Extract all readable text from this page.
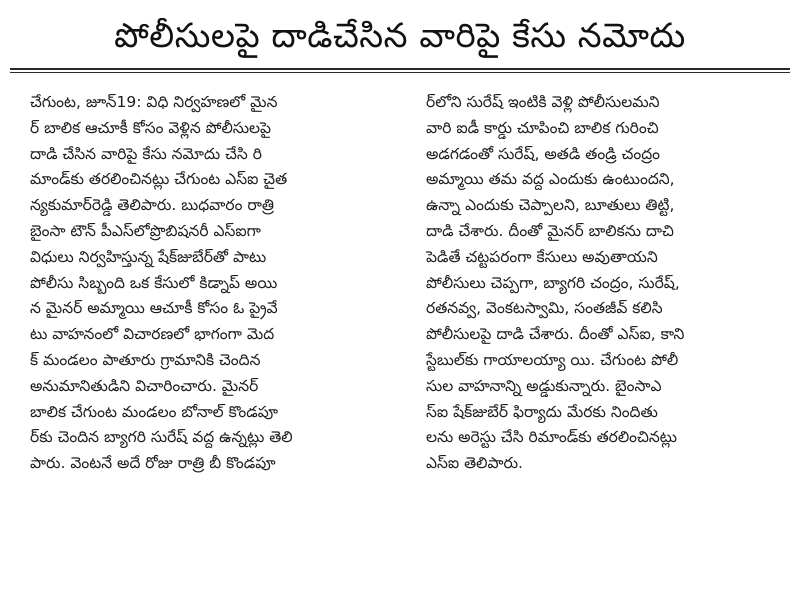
పోలీసులపై దాడిచేసిన వారిపై కేసు నమోదు
చేగుంట, జూన్19: విధి నిర్వహణలో మైన
ర్ బాలిక ఆచూకీ కోసం వెళ్లిన పోలీసులపై
దాడి చేసిన వారిపై కేసు నమోదు చేసి రి
మాండ్‌కు తరలించినట్లు చేగుంట ఎస్ఐ చైత
న్యకుమార్‌రెడ్డి తెలిపారు. బుధవారం రాత్రి
బైంసా టౌన్ పీఎస్‌లో‌ప్రొబిషనరీ ఎస్ఐగా
విధులు నిర్వహిస్తున్న షేక్‌జుబేర్‌తో పాటు
పోలీసు సిబ్బంది ఒక కేసులో కిడ్నాప్ అయి
న మైనర్ అమ్మాయి ఆచూకీ కోసం ఓ ప్రైవే
టు వాహనంలో విచారణలో భాగంగా మెద
క్ మండలం పాతూరు గ్రామానికి చెందిన
అనుమానితుడిని విచారించారు. మైనర్
బాలిక చేగుంట మండలం బోనాల్ కొండపూ
ర్‌కు చెందిన బ్యాగరి సురేష్ వద్ద ఉన్నట్లు తెలి
పారు. వెంటనే అదే రోజు రాత్రి బీ కొండపూ
ర్‌లోని సురేష్ ఇంటికి వెళ్లి పోలీసులమని
వారి ఐడీ కార్డు చూపించి బాలిక గురించి
అడగడంతో సురేష్, అతడి తండ్రి చంద్రం
అమ్మాయి తమ వద్ద ఎందుకు ఉంటుందని,
ఉన్నా ఎందుకు చెప్పాలని, బూతులు తిట్టి,
దాడి చేశారు. దీంతో మైనర్ బాలికను దాచి
పెడితే చట్టపరంగా కేసులు అవుతాయని
పోలీసులు చెప్పగా, బ్యాగరి చంద్రం, సురేష్,
రతనవ్వ, వెంకటస్వామి, సంతజీవ్ కలిసి
పోలీసులపై దాడి చేశారు. దీంతో ఎస్ఐ, కాని
స్టేబుల్‌కు గాయాలయ్యా యి. చేగుంట పోలీ
సుల వాహనాన్ని అడ్డుకున్నారు. బైంసాఎ
స్ఐ షేక్‌జుబేర్ ఫిర్యాదు మేరకు నిందితు
లను అరెస్టు చేసి రిమాండ్‌కు తరలించినట్లు
ఎస్ఐ తెలిపారు.
